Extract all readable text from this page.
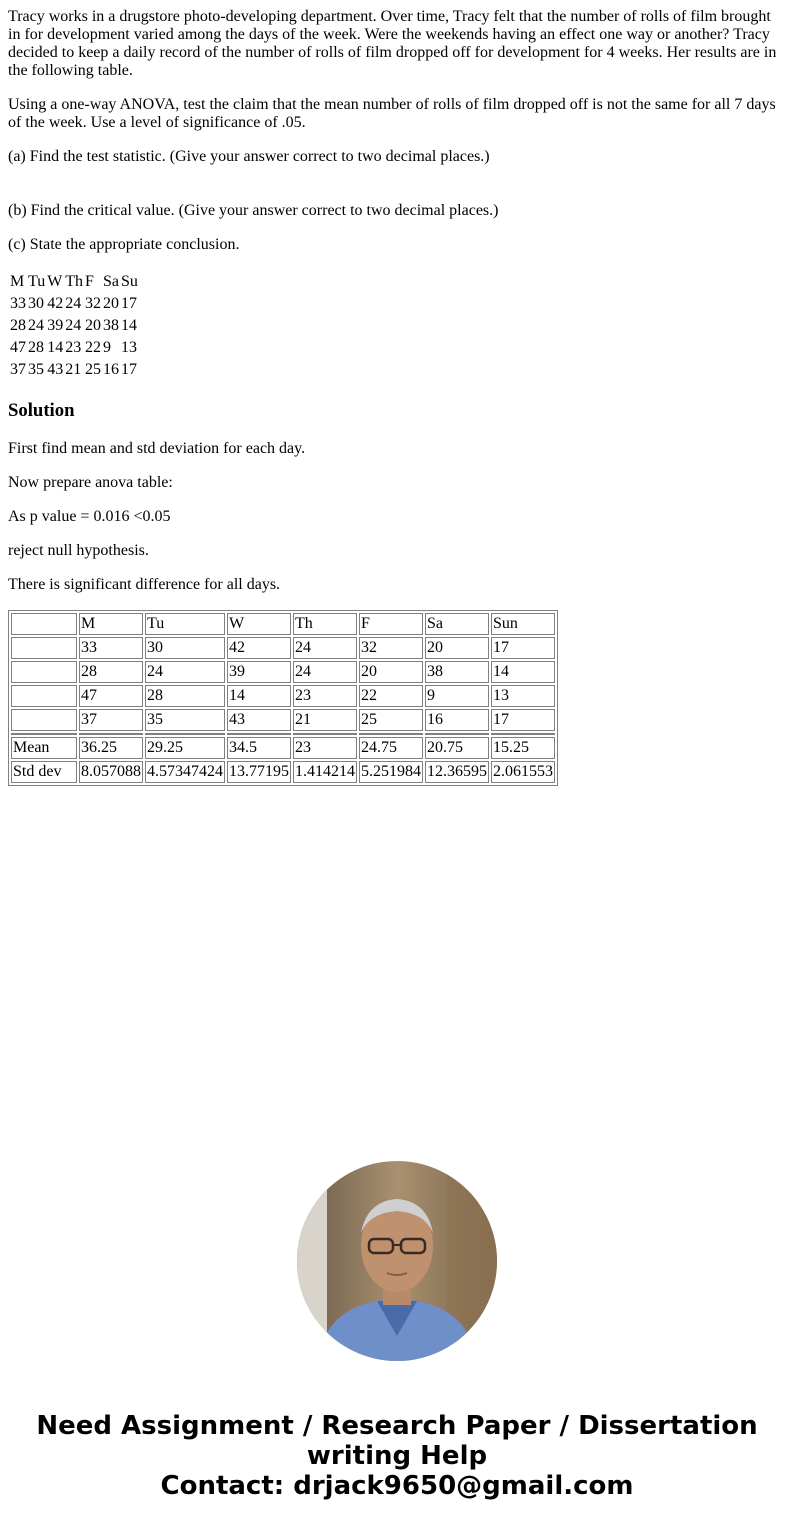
Tracy works in a drugstore photo-developing department. Over time, Tracy felt that the number of rolls of film brought in for development varied among the days of the week. Were the weekends having an effect one way or another? Tracy decided to keep a daily record of the number of rolls of film dropped off for development for 4 weeks. Her results are in the following table.

Using a one-way ANOVA, test the claim that the mean number of rolls of film dropped off is not the same for all 7 days of the week. Use a level of significance of .05.

(a) Find the test statistic. (Give your answer correct to two decimal places.)

(b) Find the critical value. (Give your answer correct to two decimal places.)

(c) State the appropriate conclusion.

M	Tu	W	Th	F	Sa	Su
33	30	42	24	32	20	17
28	24	39	24	20	38	14
47	28	14	23	22	9	13
37	35	43	21	25	16	17
Solution

First find mean and std deviation for each day.

Now prepare anova table:

As p value = 0.016 <0.05

reject null hypothesis.

There is significant difference for all days.

	M	Tu	W	Th	F	Sa	Sun
	33	30	42	24	32	20	17
	28	24	39	24	20	38	14
	47	28	14	23	22	9	13
	37	35	43	21	25	16	17

Mean	36.25	29.25	34.5	23	24.75	20.75	15.25
Std dev	8.057088	4.57347424	13.77195	1.414214	5.251984	12.36595	2.061553
Need Assignment / Research Paper / Dissertation
writing Help
Contact: drjack9650@gmail.com
